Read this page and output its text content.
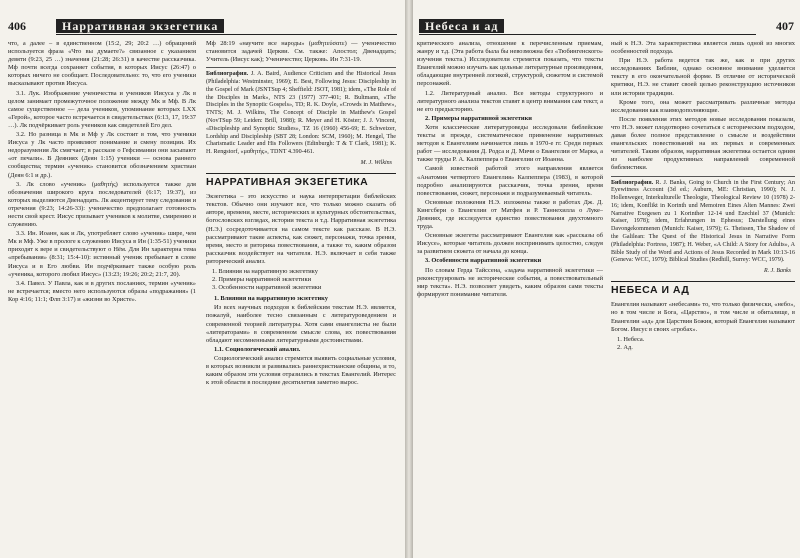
406	Нарративная экзегетика

что, а далее – в единственном (15:2, 29; 20:2 …) обращений используется фраза «Что вы думаете?» связанное с указанием девяти (9:23, 25 …) значения (21:28; 26:31) в качестве рассказчика. Мф почти всегда сохраняет события, в которых Иисус (26:47) о которых ничего не сообщает. Последовательно: то, что его ученики высказывают против Иисуса.

3.1. Лук. Изображение ученичества и учеников Иисуса у Лк в целом занимает промежуточное положение между Мк и Мф. В Лк самое существенное — дела учеников, упоминание которых LXX «Герой», которое часто встречается в свидетельствах (6:13, 17, 19:37 …). Лк подчёркивает роль учеников как свидетелей Его дел.

3.2. Но разница в Мк и Мф у Лк состоит в том, что ученики Иисуса у Лк часто проявляют понимание и смену позиции. Их недоразумения Лк смягчает; в рассказе о Гефсимании они засыпают «от печали». В Деяниях (Деян 1:15) ученики — основа раннего сообщества; термин «ученик» становится обозначением христиан (Деян 6:1 и др.).

3. Лк слово «ученик» (μαθητής) используется также для обозначения широкого круга последователей (6:17; 19:37), из которых выделяются Двенадцать. Лк акцентирует тему следования и отречения (9:23; 14:26-33): ученичество предполагает готовность нести свой крест. Иисус призывает учеников к молитве, смирению и служению.

3.3. Ин. Иоанн, как и Лк, употребляет слово «ученик» шире, чем Мк и Мф. Уже в прологе к служению Иисуса в Ин (1:35-51) ученики приходят к вере и свидетельствуют о Нём. Для Ин характерна тема «пребывания» (8:31; 15:4-10): истинный ученик пребывает в слове Иисуса и в Его любви. Ин подчёркивает также особую роль «ученика, которого любил Иисус» (13:23; 19:26; 20:2; 21:7, 20).

3.4. Павел. У Павла, как и в других посланиях, термин «ученик» не встречается; вместо него используются образы «подражания» (1 Кор 4:16; 11:1; Флп 3:17) и «жизни во Христе».

Мф 28:19 «научите все народы» (μαθητεύσατε) — ученичество становится задачей Церкви. См. также: Апостол; Двенадцать; Учитель (Иисус как); Ученичество; Церковь. Ин 7:31-19.

Библиография. J. A. Baird, Audience Criticism and the Historical Jesus (Philadelphia: Westminster, 1969); E. Best, Following Jesus: Discipleship in the Gospel of Mark (JSNTSup 4; Sheffield: JSOT, 1981); idem, «The Role of the Disciples in Mark», NTS 23 (1977) 377-401; R. Bultmann, «The Disciples in the Synoptic Gospels», TD; R. K. Doyle, «Crowds in Matthew», TNTS; M. J. Wilkins, The Concept of Disciple in Matthew's Gospel (NovTSup 59; Leiden: Brill, 1988); R. Meyer and H. Köster; J. J. Vincent, «Discipleship and Synoptic Studies», TZ 16 (1960) 456-69; E. Schweizer, Lordship and Discipleship (SBT 28; London: SCM, 1960); M. Hengel, The Charismatic Leader and His Followers (Edinburgh: T & T Clark, 1981); K. H. Rengstorf, «μαθητής», TDNT 4.390-461.

M. J. Wilkins
НАРРАТИВНАЯ ЭКЗЕГЕТИКА

Экзегетика – это искусство и наука интерпретации библейских текстов. Обычно они изучают все, что только можно сказать об авторе, времени, месте, исторических и культурных обстоятельствах, богословских взглядах, истории текста и т.д. Нарративная экзегетика (Н.Э.) сосредоточивается на самом тексте как рассказе. В Н.Э. рассматривают такие аспекты, как сюжет, персонажи, точка зрения, время, место и риторика повествования, а также то, каким образом рассказчик воздействует на читателя. Н.Э. включает в себя также риторический анализ.

1. Влияния на нарративную экзегетику
2. Примеры нарративной экзегетики
3. Особенности нарративной экзегетики

1. Влияния на нарративную экзегетику

Из всех научных подходов к библейским текстам Н.Э. является, пожалуй, наиболее тесно связанным с литературоведением и современной теорией литературы. Хотя сами евангелисты не были «литераторами» в современном смысле слова, их повествования обладают несомненными литературными достоинствами.

1.1. Социологический анализ.

Социологический анализ стремится выявить социальные условия, в которых возникли и развивались раннехристианские общины, и то, каким образом эти условия отразились в текстах Евангелий. Интерес к этой области в последние десятилетия заметно вырос.

Небеса и ад	407

критического анализа, отношение к перечисленным приемам, жанру и т.д. (Эта работа была бы невозможна без «Тюбингенского» изучения текста.) Исследователи стремятся показать, что тексты Евангелий можно изучать как цельные литературные произведения, обладающие внутренней логикой, структурой, сюжетом и системой персонажей.

1.2. Литературный анализ. Все методы структурного и литературного анализа текстов ставят в центр внимания сам текст, а не его предысторию.

2. Примеры нарративной экзегетики

Хотя классические литературоведы исследовали библейские тексты и прежде, систематическое применение нарративных методов к Евангелиям начинается лишь в 1970-е гг. Среди первых работ — исследования Д. Родса и Д. Мичи о Евангелии от Марка, а также труды Р. А. Калпеппера о Евангелии от Иоанна.

Самой известной работой этого направления является «Анатомия четвертого Евангелия» Калпеппера (1983), в которой подробно анализируются рассказчик, точка зрения, время повествования, сюжет, персонажи и подразумеваемый читатель.

Основные положения Н.Э. изложены также в работах Дж. Д. Кингсбери о Евангелии от Матфея и Р. Таннехилла о Луке–Деяниях, где исследуется единство повествования двухтомного труда.

Основные экзегеты рассматривают Евангелия как «рассказы об Иисусе», которые читатель должен воспринимать целостно, следуя за развитием сюжета от начала до конца.

3. Особенности нарративной экзегетики

По словам Герда Тайссена, «задача нарративной экзегетики — реконструировать не исторические события, а повествовательный мир текста». Н.Э. позволяет увидеть, каким образом сами тексты формируют понимание читателя.

ный к Н.Э. Эта характеристика является лишь одной из многих особенностей подхода.

При Н.Э. работа ведется так же, как и при других исследованиях Библии, однако основное внимание уделяется тексту в его окончательной форме. В отличие от исторической критики, Н.Э. не ставит своей целью реконструкцию источников или истории традиции.

Кроме того, она может рассматривать различные методы исследования как взаимодополняющие.

После появления этих методов новые исследования показали, что Н.Э. может плодотворно сочетаться с историческим подходом, давая более полное представление о смысле и воздействии евангельских повествований на их первых и современных читателей. Таким образом, нарративная экзегетика остается одним из наиболее продуктивных направлений современной библеистики.

Библиография. R. J. Banks, Going to Church in the First Century; An Eyewitness Account (3d ed.; Auburn, ME: Christian, 1990); N. J. Hollenweger, Interkulturelle Theologie, Theological Review 10 (1978) 2-16; idem, Konflikt in Korinth und Memoiren Eines Alten Mannes: Zwei Narrative Exegesen zu 1 Korinther 12-14 und Ezechiel 37 (Munich: Kaiser, 1978); idem, Erfahrungen in Ephesus; Darstellung eines Davongekommenen (Munich: Kaiser, 1979); G. Theissen, The Shadow of the Galilean: The Quest of the Historical Jesus in Narrative Form (Philadelphia: Fortress, 1987); H. Weber, «A Child: A Story for Adults», A Bible Study of the Word and Actions of Jesus Recorded in Mark 10:13-16 (Geneva: WCC, 1979); Biblical Studies (Redhill, Surrey: WCC, 1979).

R. J. Banks
НЕБЕСА И АД

Евангелия называют «небесами» то, что только физически, «небо», но в том числе и Бога, «Царство», в том числе и обиталище, в Евангелии «ад» для Царствия Божия, который Евангелия называют Богом. Иисус в своих «гробах».

1. Небеса.
2. Ад.
